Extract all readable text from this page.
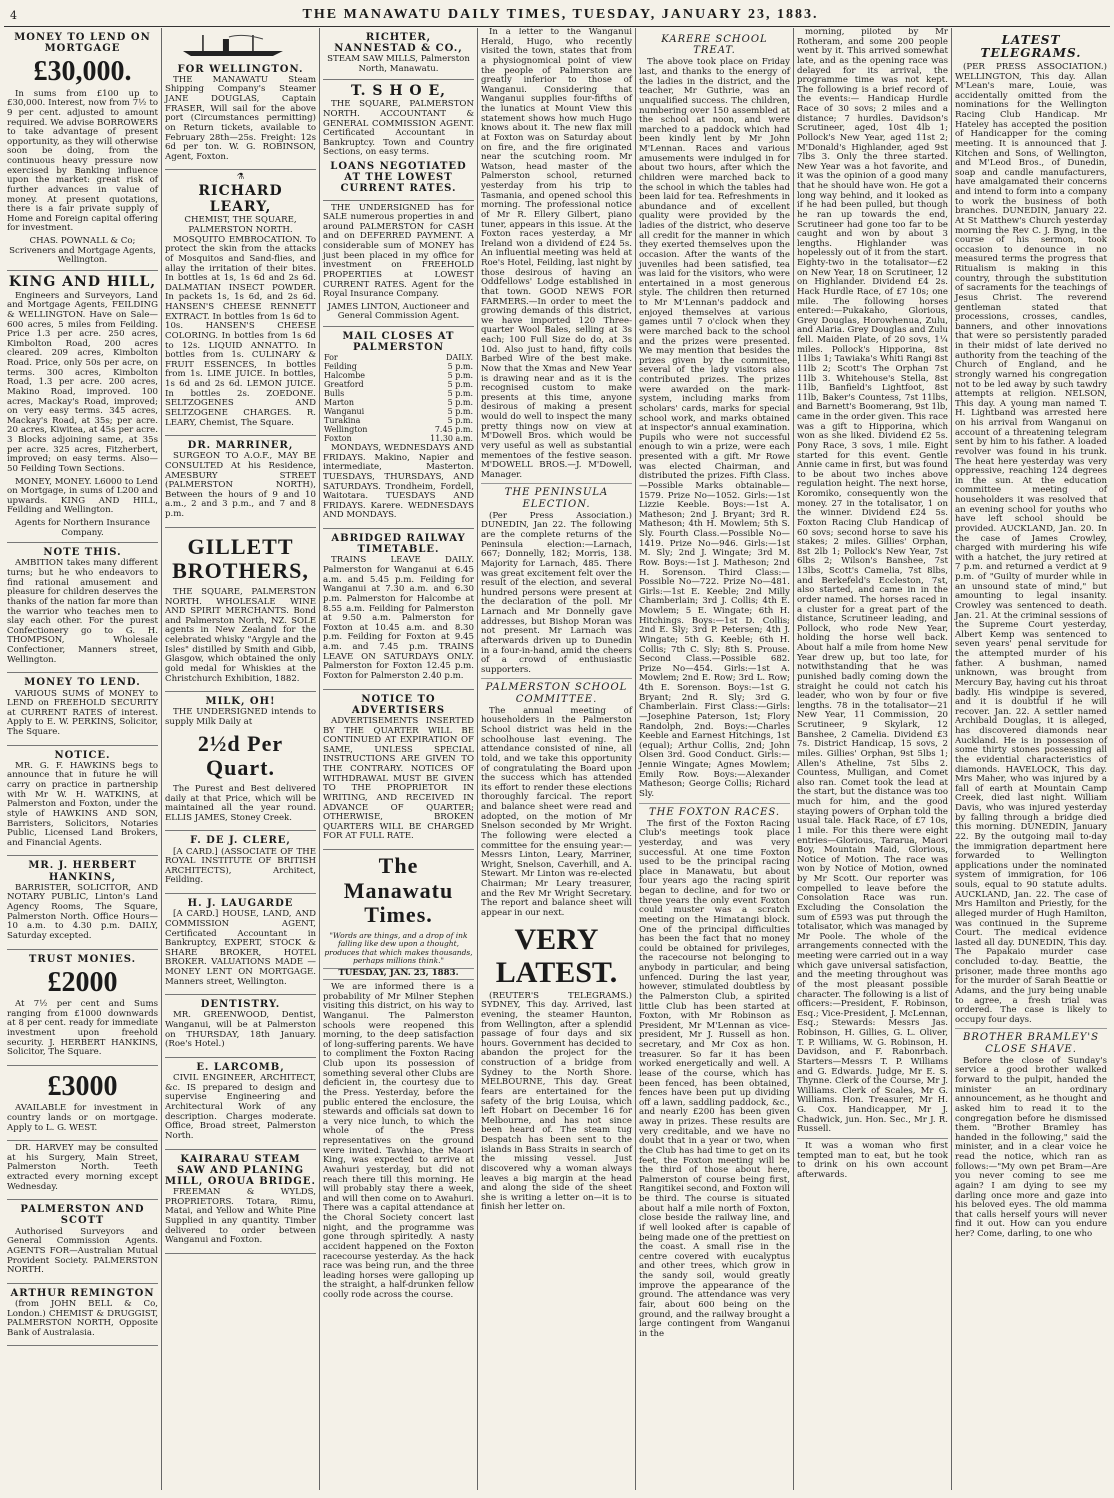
4	THE MANAWATU DAILY TIMES, TUESDAY, JANUARY 23, 1883.
MONEY TO LEND ON MORTGAGE
£30,000.

In sums from £100 up to £30,000. Interest, now from 7½ to 9 per cent. adjusted to amount required. We advise BORROWERS to take advantage of present opportunity, as they will otherwise soon be doing, from the continuous heavy pressure now exercised by Banking influence upon the market: great risk of further advances in value of money. At present quotations, there is a fair private supply of Home and Foreign capital offering for investment.

CHAS. POWNALL & Co; Scriveners and Mortgage Agents, Wellington.
KING AND HILL,

Engineers and Surveyors, Land and Mortgage Agents, FEILDING & WELLINGTON. Have on Sale— 600 acres, 5 miles from Feilding. Price 1.3 per acre. 250 acres, Kimbolton Road, 200 acres cleared. 209 acres, Kimbolton Road. Price, only 50s per acre, on terms. 300 acres, Kimbolton Road, 1.3 per acre. 200 acres, Makino Road, improved. 100 acres, Mackay's Road, improved; on very easy terms. 345 acres, Mackay's Road, at 35s; per acre. 20 acres, Kiwitea, at 45s per acre. 3 Blocks adjoining same, at 35s per acre. 325 acres, Fitzherbert, improved; on easy terms. Also—50 Feilding Town Sections.

MONEY, MONEY. L6000 to Lend on Mortgage, in sums of L200 and upwards. KING AND HILL, Feilding and Wellington.

Agents for Northern Insurance Company.
NOTE THIS.

AMBITION takes many different turns; but he who endeavors to find rational amusement and pleasure for children deserves the thanks of the nation far more than the warrior who teaches men to slay each other. For the purest Confectionery go to G. H. THOMPSON, Wholesale Confectioner, Manners street, Wellington.

MONEY TO LEND.

VARIOUS SUMS of MONEY to LEND on FREEHOLD SECURITY at CURRENT RATES of interest. Apply to E. W. PERKINS, Solicitor, The Square.

NOTICE.

MR. G. F. HAWKINS begs to announce that in future he will carry on practice in partnership with Mr W. H. WATKINS, at Palmerston and Foxton, under the style of HAWKINS AND SON, Barristers, Solicitors, Notaries Public, Licensed Land Brokers, and Financial Agents.

MR. J. HERBERT HANKINS,

BARRISTER, SOLICITOR, AND NOTARY PUBLIC, Linton's Land Agency Rooms, The Square, Palmerston North. Office Hours—10 a.m. to 4.30 p.m. DAILY, Saturday excepted.

TRUST MONIES.
£2000

At 7½ per cent and Sums ranging from £1000 downwards at 8 per cent. ready for immediate investment upon freehold security. J. HERBERT HANKINS, Solicitor, The Square.

£3000

AVAILABLE for investment in country lands or on mortgage. Apply to L. G. WEST.

DR. HARVEY may be consulted at his Surgery, Main Street, Palmerston North. Teeth extracted every morning except Wednesday.

PALMERSTON AND SCOTT

Authorised Surveyors and General Commission Agents. AGENTS FOR—Australian Mutual Provident Society. PALMERSTON NORTH.

ARTHUR REMINGTON

(from JOHN BELL & Co, London.) CHEMIST & DRUGGIST, PALMERSTON NORTH, Opposite Bank of Australasia.

FOR WELLINGTON.

THE MANAWATU Steam Shipping Company's Steamer JANE DOUGLAS, Captain FRASER, Will sail for the above port (Circumstances permitting) on Return tickets, available to February 28th—25s. Freight: 12s 6d per ton. W. G. ROBINSON, Agent, Foxton.

⚗
RICHARD LEARY,
CHEMIST, THE SQUARE, PALMERSTON NORTH.

MOSQUITO EMBROCATION. To protect the skin from the attacks of Mosquitos and Sand-flies, and allay the irritation of their bites. In bottles at 1s, 1s 6d and 2s 6d. DALMATIAN INSECT POWDER. In packets 1s, 1s 6d, and 2s 6d. HANSEN'S CHEESE RENNETT EXTRACT. In bottles from 1s 6d to 10s. HANSEN'S CHEESE COLORING. In bottles from 1s 6d to 12s. LIQUID ANNATTO. In bottles from 1s. CULINARY & FRUIT ESSENCES, In bottles from 1s. LIME JUICE. In bottles, 1s 6d and 2s 6d. LEMON JUICE. In bottles 2s. ZOEDONE. SELTZOGENES AND SELTZOGENE CHARGES. R. LEARY, Chemist, The Square.

DR. MARRINER,

SURGEON TO A.O.F., MAY BE CONSULTED At his Residence, AMESBURY STREET (PALMERSTON NORTH), Between the hours of 9 and 10 a.m., 2 and 3 p.m., and 7 and 8 p.m.

GILLETT BROTHERS,

THE SQUARE, PALMERSTON NORTH. WHOLESALE WINE AND SPIRIT MERCHANTS. Bond and Palmerston North, NZ. SOLE agents in New Zealand for the celebrated whisky "Argyle and the Isles" distilled by Smith and Gibb, Glasgow, which obtained the only gold medal for Whiskies at the Christchurch Exhibition, 1882.

MILK, OH!

THE UNDERSIGNED intends to supply Milk Daily at

2½d Per Quart.

The Purest and Best delivered daily at that Price, which will be maintained all the year round. ELLIS JAMES, Stoney Creek.

F. DE J. CLERE,

[A CARD.] (ASSOCIATE OF THE ROYAL INSTITUTE OF BRITISH ARCHITECTS), Architect, Feilding.

H. J. LAUGARDE

[A CARD.] HOUSE, LAND, AND COMMISSION AGENT, Certificated Accountant in Bankruptcy, EXPERT, STOCK & SHARE BROKER, HOTEL BROKER. VALUATIONS MADE — MONEY LENT ON MORTGAGE. Manners street, Wellington.

DENTISTRY.

MR. GREENWOOD, Dentist, Wanganui, will be at Palmerston on THURSDAY, 18th January. (Roe's Hotel.)

E. LARCOMB,

CIVIL ENGINEER, ARCHITECT, &c. IS prepared to design and supervise Engineering and Architectural Work of any description. Charges moderate. Office, Broad street, Palmerston North.

KAIRARAU STEAM SAW AND PLANING MILL, OROUA BRIDGE.

FREEMAN & WYLDS, PROPRIETORS. Totara, Rimu, Matai, and Yellow and White Pine Supplied in any quantity. Timber delivered to order between Wanganui and Foxton.

RICHTER, NANNESTAD & CO.,
STEAM SAW MILLS, Palmerston North, Manawatu.
T. S H O E,

THE SQUARE, PALMERSTON NORTH. ACCOUNTANT & GENERAL COMMISSION AGENT. Certificated Accountant in Bankruptcy. Town and Country Sections, on easy terms.

LOANS NEGOTIATED AT THE LOWEST CURRENT RATES.

THE UNDERSIGNED has for SALE numerous properties in and around PALMERSTON for CASH and on DEFERRED PAYMENT. A considerable sum of MONEY has just been placed in my office for investment on FREEHOLD PROPERTIES at LOWEST CURRENT RATES. Agent for the Royal Insurance Company.

JAMES LINTON, Auctioneer and General Commission Agent.
MAIL CLOSES AT PALMERSTON
For	DAILY.
Feilding	5 p.m.
Halcombe	5 p.m.
Greatford	5 p.m.
Bulls	5 p.m.
Marton	5 p.m.
Wanganui	5 p.m.
Turakina	5 p.m.
Wellington	7.45 p.m.
Foxton	11.30 a.m.

MONDAYS, WEDNESDAYS AND FRIDAYS. Makino, Napier and intermediate, Masterton. TUESDAYS, THURSDAYS, AND SATURDAYS. Trondheim, Fordell, Waitotara. TUESDAYS AND FRIDAYS. Karere. WEDNESDAYS AND MONDAYS.

ABRIDGED RAILWAY TIMETABLE.

TRAINS LEAVE DAILY. Palmerston for Wanganui at 6.45 a.m. and 5.45 p.m. Feilding for Wanganui at 7.30 a.m. and 6.30 p.m. Palmerston for Halcombe at 8.55 a.m. Feilding for Palmerston at 9.50 a.m. Palmerston for Foxton at 10.45 a.m. and 8.30 p.m. Feilding for Foxton at 9.45 a.m. and 7.45 p.m. TRAINS LEAVE ON SATURDAYS ONLY. Palmerston for Foxton 12.45 p.m. Foxton for Palmerston 2.40 p.m.

NOTICE TO ADVERTISERS

ADVERTISEMENTS INSERTED BY THE QUARTER WILL BE CONTINUED AT EXPIRATION OF SAME, UNLESS SPECIAL INSTRUCTIONS ARE GIVEN TO THE CONTRARY. NOTICES OF WITHDRAWAL MUST BE GIVEN TO THE PROPRIETOR IN WRITING, AND RECEIVED IN ADVANCE OF QUARTER; OTHERWISE, BROKEN QUARTERS WILL BE CHARGED FOR AT FULL RATE.

The Manawatu Times.
"Words are things, and a drop of ink falling like dew upon a thought, produces that which makes thousands, perhaps millions think."
TUESDAY, JAN. 23, 1883.

We are informed there is a probability of Mr Milner Stephen visiting this district, on his way to Wanganui. The Palmerston schools were reopened this morning, to the deep satisfaction of long-suffering parents. We have to compliment the Foxton Racing Club upon its possession of something several other Clubs are deficient in, the courtesy due to the Press. Yesterday, before the public entered the enclosure, the stewards and officials sat down to a very nice lunch, to which the whole of the Press representatives on the ground were invited. Tawhiao, the Maori King, was expected to arrive at Awahuri yesterday, but did not reach there till this morning. He will probably stay there a week, and will then come on to Awahuri. There was a capital attendance at the Choral Society concert last night, and the programme was gone through spiritedly. A nasty accident happened on the Foxton racecourse yesterday. As the hack race was being run, and the three leading horses were galloping up the straight, a half-drunken fellow coolly rode across the course.

In a letter to the Wanganui Herald, Hugo, who recently visited the town, states that from a physiognomical point of view the people of Palmerston are greatly inferior to those of Wanganui. Considering that Wanganui supplies four-fifths of the lunatics at Mount View this statement shows how much Hugo knows about it. The new flax mill at Foxton was on Saturday about on fire, and the fire originated near the scutching room. Mr Watson, head master of the Palmerston school, returned yesterday from his trip to Tasmania, and opened school this morning. The professional notice of Mr R. Ellery Gilbert, piano tuner, appears in this issue. At the Foxton races yesterday, a Mr Ireland won a dividend of £24 5s. An influential meeting was held at Roe's Hotel, Feilding, last night by those desirous of having an Oddfellows' Lodge established in that town. GOOD NEWS FOR FARMERS.—In order to meet the growing demands of this district, we have imported 120 Three-quarter Wool Bales, selling at 3s each; 100 Full Size do do, at 3s 10d. Also just to hand, fifty coils Barbed Wire of the best make. Now that the Xmas and New Year is drawing near and as it is the recognised custom to make presents at this time, anyone desirous of making a present would do well to inspect the many pretty things now on view at M'Dowell Bros. which would be very useful as well as substantial mementoes of the festive season. M'DOWELL BROS.—J. M'Dowell, Manager.

THE PENINSULA ELECTION.

(Per Press Association.) DUNEDIN, Jan 22. The following are the complete returns of the Peninsula election:—Larnach, 667; Donnelly, 182; Morris, 138. Majority for Larnach, 485. There was great excitement felt over the result of the election, and several hundred persons were present at the declaration of the poll. Mr Larnach and Mr Donnelly gave addresses, but Bishop Moran was not present. Mr Larnach was afterwards driven up to Dunedin in a four-in-hand, amid the cheers of a crowd of enthusiastic supporters.

PALMERSTON SCHOOL COMMITTEE.

The annual meeting of householders in the Palmerston School district was held in the schoolhouse last evening. The attendance consisted of nine, all told, and we take this opportunity of congratulating the Board upon the success which has attended its effort to render these elections thoroughly farcical. The report and balance sheet were read and adopted, on the motion of Mr Snelson seconded by Mr Wright. The following were elected a committee for the ensuing year:—Messrs Linton, Leary, Marriner, Wright, Snelson, Caverhill, and A. Stewart. Mr Linton was re-elected Chairman; Mr Leary treasurer, and the Rev Mr Wright Secretary. The report and balance sheet will appear in our next.

VERY LATEST.

(REUTER'S TELEGRAMS.) SYDNEY, This day. Arrived, last evening, the steamer Haunton, from Wellington, after a splendid passage of four days and six hours. Government has decided to abandon the project for the construction of a bridge from Sydney to the North Shore. MELBOURNE, This day. Great fears are entertained for the safety of the brig Louisa, which left Hobart on December 16 for Melbourne, and has not since been heard of. The steam tug Despatch has been sent to the islands in Bass Straits in search of the missing vessel. Just discovered why a woman always leaves a big margin at the head and along the side of the sheet she is writing a letter on—it is to finish her letter on.

KARERE SCHOOL TREAT.

The above took place on Friday last, and thanks to the energy of the ladies in the district, and the teacher, Mr Guthrie, was an unqualified success. The children, numbering over 150 assembled at the school at noon, and were marched to a paddock which had been kindly lent by Mr John M'Lennan. Races and various amusements were indulged in for about two hours, after which the children were marched back to the school in which the tables had been laid for tea. Refreshments in abundance and of excellent quality were provided by the ladies of the district, who deserve all credit for the manner in which they exerted themselves upon the occasion. After the wants of the juveniles had been satisfied, tea was laid for the visitors, who were entertained in a most generous style. The children then returned to Mr M'Lennan's paddock and enjoyed themselves at various games until 7 o'clock when they were marched back to the school and the prizes were presented. We may mention that besides the prizes given by the committee, several of the lady visitors also contributed prizes. The prizes were awarded on the mark-system, including marks from scholars' cards, marks for special school work, and marks obtained at inspector's annual examination. Pupils who were not successful enough to win a prize, were each presented with a gift. Mr Rowe was elected Chairman, and distributed the prizes. Fifth Class.—Possible Marks obtainable—1579. Prize No—1052. Girls:—1st Lizzie Keeble. Boys:—1st A. Matheson; 2nd J. Bryant; 3rd R. Matheson; 4th H. Mowlem; 5th S. Sly. Fourth Class.—Possible No—1419. Prize No—946. Girls:—1st M. Sly; 2nd J. Wingate; 3rd M. Row. Boys:—1st J. Matheson; 2nd H. Sorenson. Third Class:—Possible No—722. Prize No—481. Girls:—1st E. Keeble; 2nd Milly Chamberlain; 3rd J. Collis; 4th E. Mowlem; 5 E. Wingate; 6th H. Hitchings. Boys:—1st D. Collis; 2nd E. Sly; 3rd P. Petersen; 4th J. Wingate; 5th G. Keeble; 6th H. Collis; 7th C. Sly; 8th S. Prouse. Second Class.—Possible 682. Prize No—454. Girls:—1st A. Mowlem; 2nd E. Row; 3rd L. Row; 4th E. Sorenson. Boys:—1st G. Bryant; 2nd R. Sly; 3rd G. Chamberlain. First Class:—Girls:—Josephine Paterson, 1st; Flory Randolph, 2nd. Boys:—Charles Keeble and Earnest Hitchings, 1st (equal); Arthur Collis, 2nd; John Olsen 3rd. Good Conduct. Girls:—Jennie Wingate; Agnes Mowlem; Emily Row. Boys:—Alexander Matheson; George Collis; Richard Sly.

THE FOXTON RACES.

The first of the Foxton Racing Club's meetings took place yesterday, and was very successful. At one time Foxton used to be the principal racing place in Manawatu, but about four years ago the racing spirit began to decline, and for two or three years the only event Foxton could muster was a scratch meeting on the Himatangi block. One of the principal difficulties has been the fact that no money could be obtained for privileges, the racecourse not belonging to anybody in particular, and being unfenced. During the last year, however, stimulated doubtless by the Palmerston Club, a spirited little Club has been started at Foxton, with Mr Robinson as President, Mr M'Lennan as vice-president, Mr J. Russell as hon. secretary, and Mr Cox as hon. treasurer. So far it has been worked energetically and well. A lease of the course, which has been fenced, has been obtained, fences have been put up dividing off a lawn, saddling paddock, &c., and nearly £200 has been given away in prizes. These results are very creditable, and we have no doubt that in a year or two, when the Club has had time to get on its feet, the Foxton meeting will be the third of those about here, Palmerston of course being first, Rangitikei second, and Foxton will be third. The course is situated about half a mile north of Foxton, close beside the railway line, and if well looked after is capable of being made one of the prettiest on the coast. A small rise in the centre covered with eucalyptus and other trees, which grow in the sandy soil, would greatly improve the appearance of the ground. The attendance was very fair, about 600 being on the ground, and the railway brought a large contingent from Wanganui in the

morning, piloted by Mr Rotheram, and some 200 people went by it. This arrived somewhat late, and as the opening race was delayed for its arrival, the programme time was not kept. The following is a brief record of the events:— Handicap Hurdle Race of 30 sovs; 2 miles and a distance; 7 hurdles. Davidson's Scrutineer, aged, 10st 4lb 1; Pollock's New Year, aged 11st 2; M'Donald's Highlander, aged 9st 7lbs 3. Only the three started. New Year was a hot favorite, and it was the opinion of a good many that he should have won. He got a long way behind, and it looked as if he had been pulled, but though he ran up towards the end, Scrutineer had gone too far to be caught and won by about 3 lengths. Highlander was hopelessly out of it from the start. Eighty-two in the totalisator—£2 on New Year, 18 on Scrutineer, 12 on Highlander. Dividend £4 2s. Hack Hurdle Race, of £7 10s; one mile. The following horses entered:—Pukakaho, Glorious, Grey Douglas, Horowhenua, Zulu, and Alaria. Grey Douglas and Zulu fell. Maiden Plate, of 20 sovs, 1¼ miles. Pollock's Hipporina, 8st 11lbs 1; Tawiaka's Whiti Rangi 8st 11lb 2; Scott's The Orphan 7st 11lb 3. Whitehouse's Stella, 8st 11lb, Banfield's Lightfoot, 8st 11lb, Baker's Countess, 7st 11lbs, and Barnett's Boomerang, 9st 1lb, came in the order given. This race was a gift to Hipporina, which won as she liked. Dividend £2 5s. Pony Race, 3 sovs, 1 mile. Eight started for this event. Gentle Annie came in first, but was found to be about two inches above regulation height. The next horse, Koromiko, consequently won the money. 27 in the totalisator, 1 on the winner. Dividend £24 5s. Foxton Racing Club Handicap of 60 sovs; second horse to save his stakes; 2 miles. Gillies' Orphan, 8st 2lb 1; Pollock's New Year, 7st 6lbs 2; Wilson's Banshee, 7st 13lbs, Scott's Camelia, 7st 8lbs, and Berkefeld's Eccleston, 7st, also started, and came in in the order named. The horses raced in a cluster for a great part of the distance, Scrutineer leading, and Pollock, who rode New Year, holding the horse well back. About half a mile from home New Year drew up, but too late, for notwithstanding that he was punished badly coming down the straight he could not catch his leader, who won by four or five lengths. 78 in the totalisator—21 New Year, 11 Commission, 20 Scrutineer, 9 Skylark, 12 Banshee, 2 Camelia. Dividend £3 7s. District Handicap, 15 sovs, 2 miles. Gillies' Orphan, 9st 5lbs 1; Allen's Atheline, 7st 5lbs 2. Countess, Mulligan, and Comet also ran. Comet took the lead at the start, but the distance was too much for him, and the good staying powers of Orphan told the usual tale. Hack Race, of £7 10s, 1 mile. For this there were eight entries—Glorious, Tararua, Maori Boy, Mountain Maid, Glorious, Notice of Motion. The race was won by Notice of Motion, owned by Mr Scott. Our reporter was compelled to leave before the Consolation Race was run. Excluding the Consolation the sum of £593 was put through the totalisator, which was managed by Mr Poole. The whole of the arrangements connected with the meeting were carried out in a way which gave universal satisfaction, and the meeting throughout was of the most pleasant possible character. The following is a list of officers:—President, F. Robinson, Esq.; Vice-President, J. McLennan, Esq.; Stewards: Messrs Jas. Robinson, H. Gillies, G. L. Oliver, T. P. Williams, W. G. Robinson, H. Davidson, and F. Rabonrbach. Starters—Messrs T. P. Williams and G. Edwards. Judge, Mr E. S. Thynne. Clerk of the Course, Mr J. Williams. Clerk of Scales, Mr G. Williams. Hon. Treasurer, Mr H. G. Cox. Handicapper, Mr J. Chadwick, jun. Hon. Sec., Mr J. R. Russell.

It was a woman who first tempted man to eat, but he took to drink on his own account afterwards.

LATEST TELEGRAMS.

(PER PRESS ASSOCIATION.) WELLINGTON, This day. Allan M'Lean's mare, Louie, was accidentally omitted from the nominations for the Wellington Racing Club Handicap. Mr Hateley has accepted the position of Handicapper for the coming meeting. It is announced that J. Kitchen and Sons, of Wellington, and M'Leod Bros., of Dunedin, soap and candle manufacturers, have amalgamated their concerns and intend to form into a company to work the business of both branches. DUNEDIN, January 22. At St Matthew's Church yesterday morning the Rev C. J. Byng, in the course of his sermon, took occasion to denounce in no measured terms the progress that Ritualism is making in this country, through the substitution of sacraments for the teachings of Jesus Christ. The reverend gentleman stated that processions, crosses, candles, banners, and other innovations that were so persistently paraded in their midst of late derived no authority from the teaching of the Church of England, and he strongly warned his congregation not to be led away by such tawdry attempts at religion. NELSON, This day. A young man named T. H. Lightband was arrested here on his arrival from Wanganui on account of a threatening telegram sent by him to his father. A loaded revolver was found in his trunk. The heat here yesterday was very oppressive, reaching 124 degrees in the sun. At the education committee meeting of householders it was resolved that an evening school for youths who have left school should be provided. AUCKLAND, Jan. 20. In the case of James Crowley, charged with murdering his wife with a hatchet, the jury retired at 7 p.m. and returned a verdict at 9 p.m. of "Guilty of murder while in an unsound state of mind," but amounting to legal insanity. Crowley was sentenced to death. Jan. 21. At the criminal sessions of the Supreme Court yesterday, Albert Kemp was sentenced to seven years' penal servitude for the attempted murder of his father. A bushman, named unknown, was brought from Mercury Bay, having cut his throat badly. His windpipe is severed, and it is doubtful if he will recover. Jan. 22. A settler named Archibald Douglas, it is alleged, has discovered diamonds near Auckland. He is in possession of some thirty stones possessing all the evidential characteristics of diamonds. HAVELOCK, This day. Mrs Maher, who was injured by a fall of earth at Mountain Camp Creek, died last night. William Davis, who was injured yesterday by falling through a bridge died this morning. DUNEDIN, January 22. By the outgoing mail to-day the immigration department here forwarded to Wellington applications under the nominated system of immigration, for 106 souls, equal to 90 statute adults. AUCKLAND, Jan. 22. The case of Mrs Hamilton and Priestly, for the alleged murder of Hugh Hamilton, was continued in the Supreme Court. The medical evidence lasted all day. DUNEDIN, This day. The Papakaio murder case concluded to-day. Beattie, the prisoner, made three months ago for the murder of Sarah Beattie or Adams, and the jury being unable to agree, a fresh trial was ordered. The case is likely to occupy four days.

BROTHER BRAMLEY'S CLOSE SHAVE.

Before the close of Sunday's service a good brother walked forward to the pulpit, handed the minister an ordinary announcement, as he thought and asked him to read it to the congregation before he dismissed them. "Brother Bramley has handed in the following," said the minister, and in a clear voice he read the notice, which ran as follows:—"My own pet Bram—Are you never coming to see me again? I am dying to see my darling once more and gaze into his beloved eyes. The old mamma that calls herself yours will never find it out. How can you endure her? Come, darling, to one who
